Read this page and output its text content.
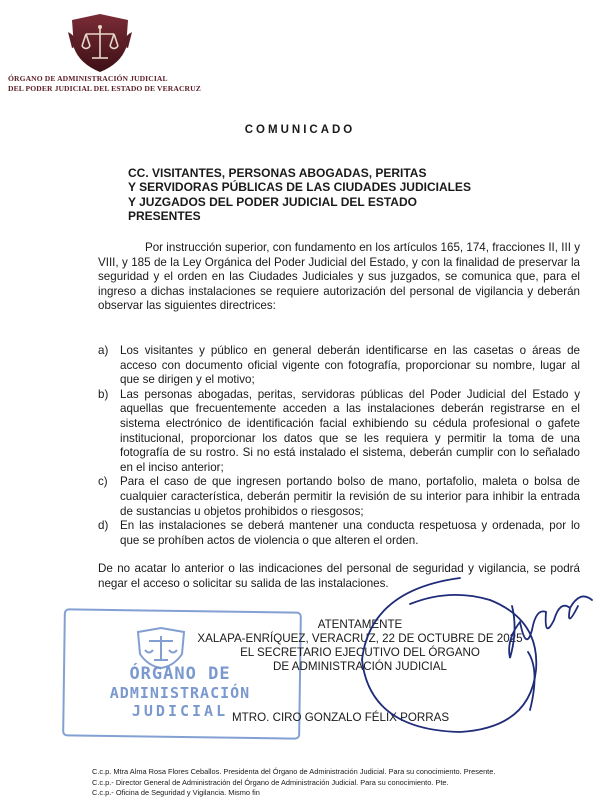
ÓRGANO DE ADMINISTRACIÓN JUDICIAL
DEL PODER JUDICIAL DEL ESTADO DE VERACRUZ
COMUNICADO
CC. VISITANTES, PERSONAS ABOGADAS, PERITAS
Y SERVIDORAS PÚBLICAS DE LAS CIUDADES JUDICIALES
Y JUZGADOS DEL PODER JUDICIAL DEL ESTADO
PRESENTES
Por instrucción superior, con fundamento en los artículos 165, 174, fracciones II, III y VIII, y 185 de la Ley Orgánica del Poder Judicial del Estado, y con la finalidad de preservar la seguridad y el orden en las Ciudades Judiciales y sus juzgados, se comunica que, para el ingreso a dichas instalaciones se requiere autorización del personal de vigilancia y deberán observar las siguientes directrices:
a) Los visitantes y público en general deberán identificarse en las casetas o áreas de acceso con documento oficial vigente con fotografía, proporcionar su nombre, lugar al que se dirigen y el motivo;
b) Las personas abogadas, peritas, servidoras públicas del Poder Judicial del Estado y aquellas que frecuentemente acceden a las instalaciones deberán registrarse en el sistema electrónico de identificación facial exhibiendo su cédula profesional o gafete institucional, proporcionar los datos que se les requiera y permitir la toma de una fotografía de su rostro. Si no está instalado el sistema, deberán cumplir con lo señalado en el inciso anterior;
c) Para el caso de que ingresen portando bolso de mano, portafolio, maleta o bolsa de cualquier característica, deberán permitir la revisión de su interior para inhibir la entrada de sustancias u objetos prohibidos o riesgosos;
d) En las instalaciones se deberá mantener una conducta respetuosa y ordenada, por lo que se prohíben actos de violencia o que alteren el orden.
De no acatar lo anterior o las indicaciones del personal de seguridad y vigilancia, se podrá negar el acceso o solicitar su salida de las instalaciones.
ÓRGANO DE
ADMINISTRACIÓN
JUDICIAL
ATENTAMENTE
XALAPA-ENRÍQUEZ, VERACRUZ, 22 DE OCTUBRE DE 2025
EL SECRETARIO EJECUTIVO DEL ÓRGANO
DE ADMINISTRACIÓN JUDICIAL
MTRO. CIRO GONZALO FÉLIX PORRAS
C.c.p. Mtra Alma Rosa Flores Ceballos. Presidenta del Órgano de Administración Judicial. Para su conocimiento. Presente.
C.c.p.- Director General de Administración del Órgano de Administración Judicial. Para su conocimiento. Pte.
C.c.p.- Oficina de Seguridad y Vigilancia. Mismo fin
